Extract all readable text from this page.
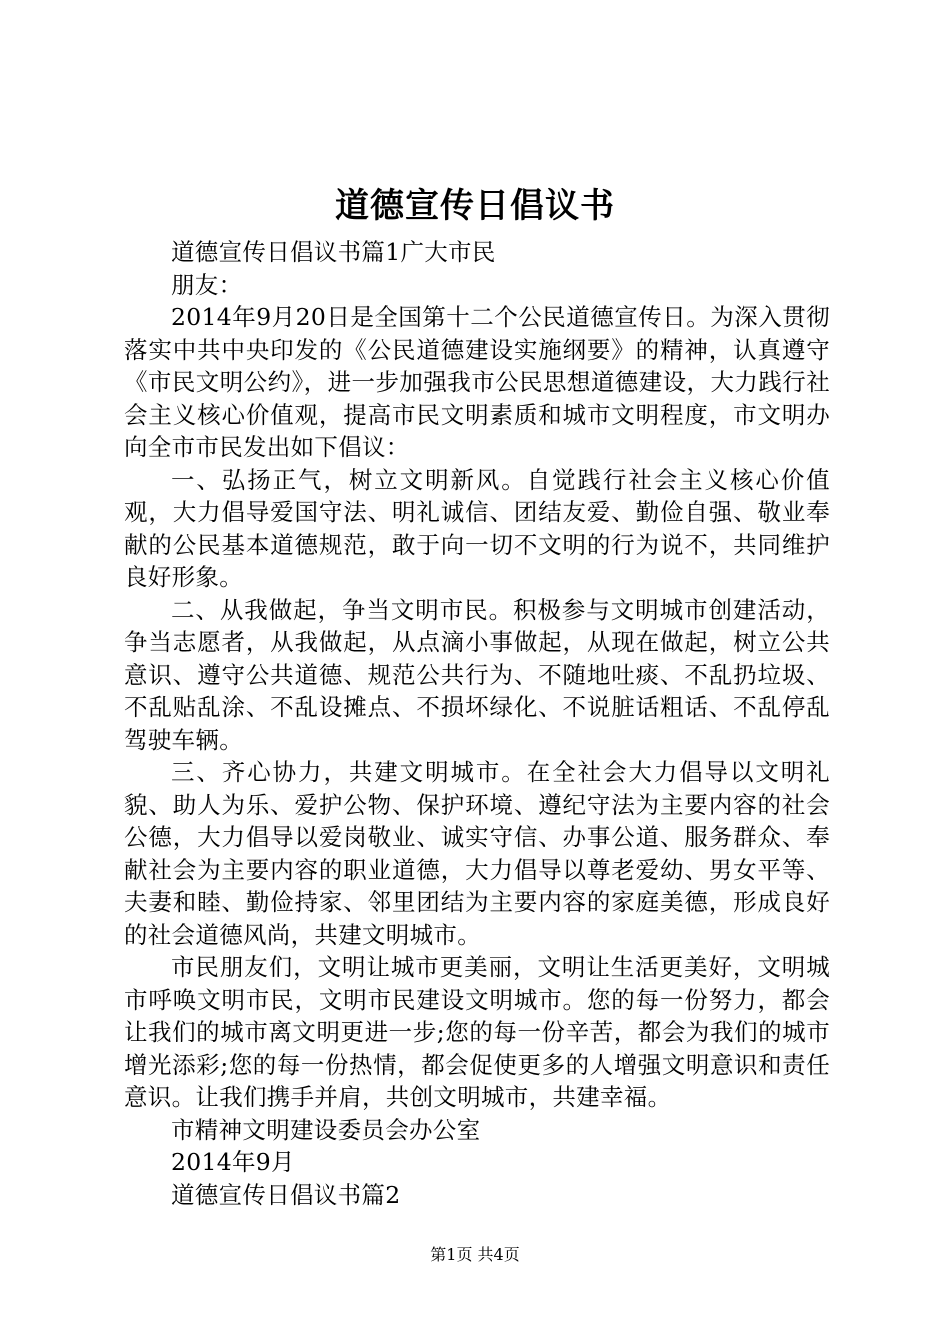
道德宣传日倡议书

道德宣传日倡议书篇1广大市民

朋友：

2014年9月20日是全国第十二个公民道德宣传日。为深入贯彻落实中共中央印发的《公民道德建设实施纲要》的精神，认真遵守《市民文明公约》，进一步加强我市公民思想道德建设，大力践行社会主义核心价值观，提高市民文明素质和城市文明程度，市文明办向全市市民发出如下倡议：

一、弘扬正气，树立文明新风。自觉践行社会主义核心价值观，大力倡导爱国守法、明礼诚信、团结友爱、勤俭自强、敬业奉献的公民基本道德规范，敢于向一切不文明的行为说不，共同维护良好形象。

二、从我做起，争当文明市民。积极参与文明城市创建活动，争当志愿者，从我做起，从点滴小事做起，从现在做起，树立公共意识、遵守公共道德、规范公共行为、不随地吐痰、不乱扔垃圾、不乱贴乱涂、不乱设摊点、不损坏绿化、不说脏话粗话、不乱停乱驾驶车辆。

三、齐心协力，共建文明城市。在全社会大力倡导以文明礼貌、助人为乐、爱护公物、保护环境、遵纪守法为主要内容的社会公德，大力倡导以爱岗敬业、诚实守信、办事公道、服务群众、奉献社会为主要内容的职业道德，大力倡导以尊老爱幼、男女平等、夫妻和睦、勤俭持家、邻里团结为主要内容的家庭美德，形成良好的社会道德风尚，共建文明城市。

市民朋友们，文明让城市更美丽，文明让生活更美好，文明城市呼唤文明市民，文明市民建设文明城市。您的每一份努力，都会让我们的城市离文明更进一步;您的每一份辛苦，都会为我们的城市增光添彩;您的每一份热情，都会促使更多的人增强文明意识和责任意识。让我们携手并肩，共创文明城市，共建幸福。

市精神文明建设委员会办公室

2014年9月

道德宣传日倡议书篇2

第1页 共4页
